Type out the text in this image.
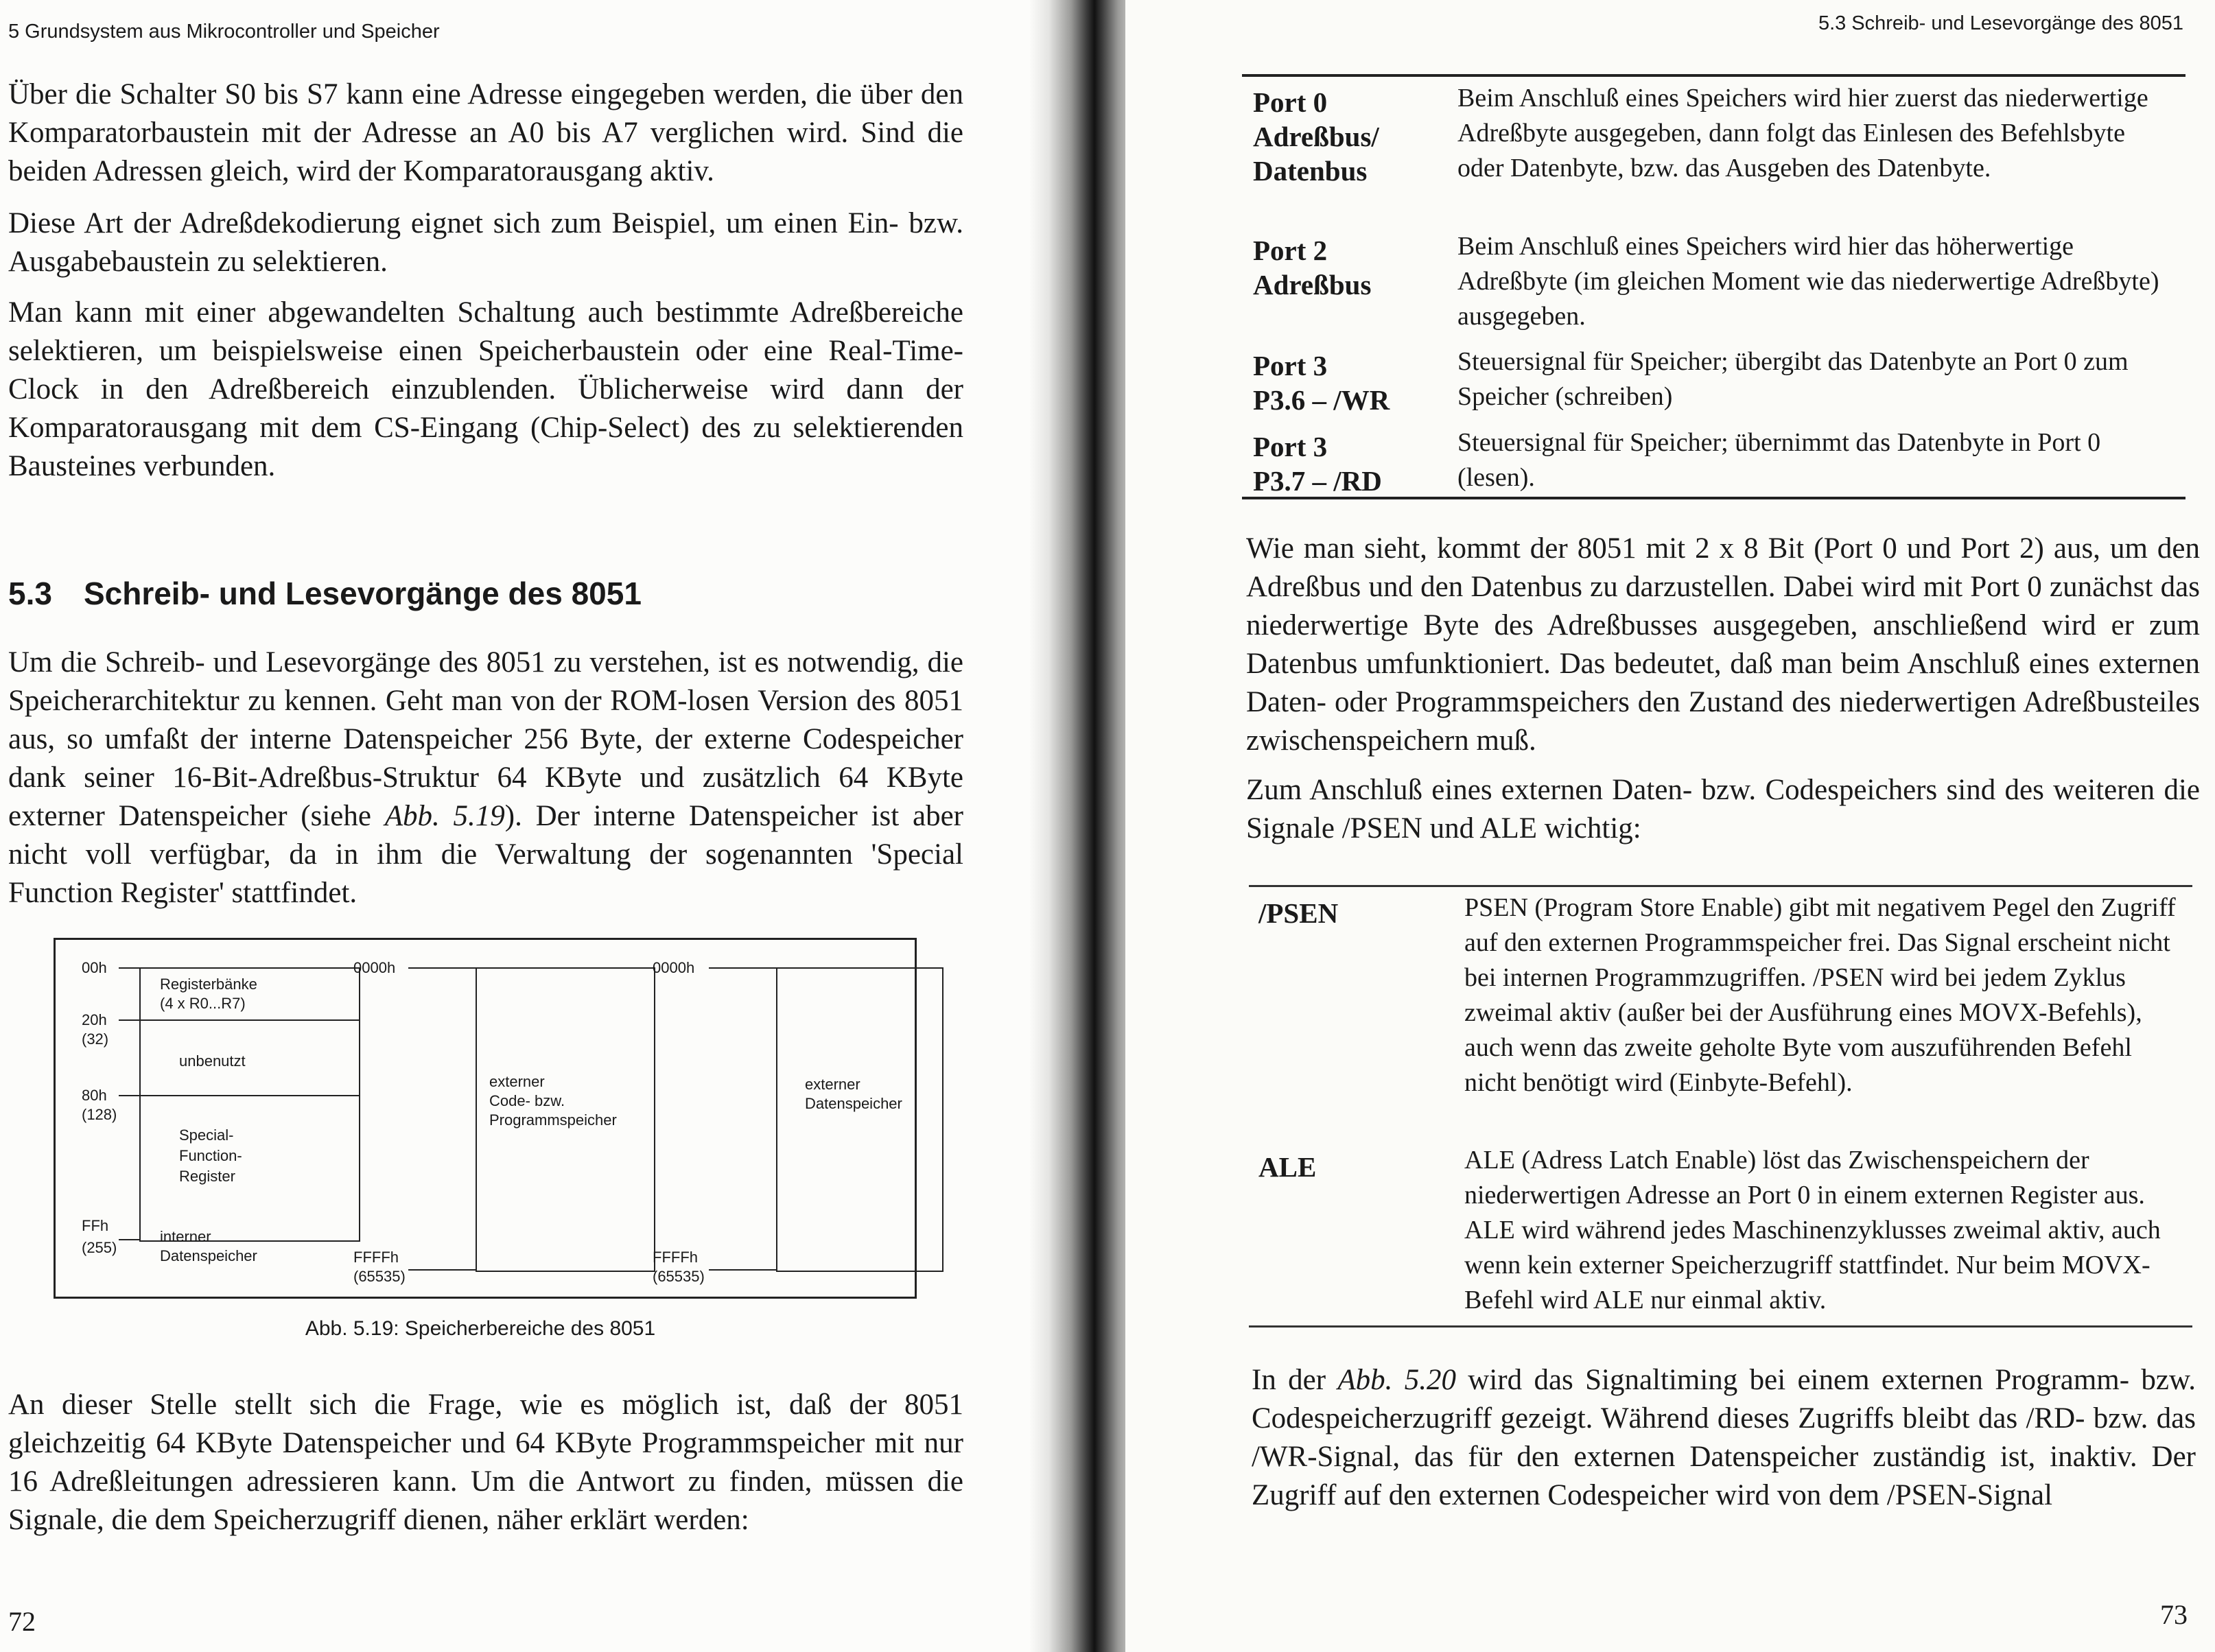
5 Grundsystem aus Mikrocontroller und Speicher

Über die Schalter S0 bis S7 kann eine Adresse eingegeben werden, die über den Komparatorbaustein mit der Adresse an A0 bis A7 verglichen wird. Sind die beiden Adressen gleich, wird der Komparatorausgang aktiv.

Diese Art der Adreßdekodierung eignet sich zum Beispiel, um einen Ein- bzw. Ausgabebaustein zu selektieren.

Man kann mit einer abgewandelten Schaltung auch bestimmte Adreßbereiche selektieren, um beispielsweise einen Speicherbaustein oder eine Real-Time-Clock in den Adreßbereich einzublenden. Üblicherweise wird dann der Komparatorausgang mit dem CS-Eingang (Chip-Select) des zu selektierenden Bausteines verbunden.

5.3 Schreib- und Lesevorgänge des 8051

Um die Schreib- und Lesevorgänge des 8051 zu verstehen, ist es notwendig, die Speicherarchitektur zu kennen. Geht man von der ROM-losen Version des 8051 aus, so umfaßt der interne Datenspeicher 256 Byte, der externe Codespeicher dank seiner 16-Bit-Adreßbus-Struktur 64 KByte und zusätzlich 64 KByte externer Datenspeicher (siehe Abb. 5.19). Der interne Datenspeicher ist aber nicht voll verfügbar, da in ihm die Verwaltung der sogenannten 'Special Function Register' stattfindet.

00h
Registerbänke
(4 x R0...R7)
20h
(32)
unbenutzt
80h
(128)
Special-
Function-
Register
FFh
(255)
interner
Datenspeicher
0000h
externer
Code- bzw.
Programmspeicher
FFFFh
(65535)
0000h
externer
Datenspeicher
FFFFh
(65535)
Abb. 5.19: Speicherbereiche des 8051

An dieser Stelle stellt sich die Frage, wie es möglich ist, daß der 8051 gleichzeitig 64 KByte Datenspeicher und 64 KByte Programmspeicher mit nur 16 Adreßleitungen adressieren kann. Um die Antwort zu finden, müssen die Signale, die dem Speicherzugriff dienen, näher erklärt werden:

72
5.3 Schreib- und Lesevorgänge des 8051
Port 0
Adreßbus/
Datenbus
Beim Anschluß eines Speichers wird hier zuerst das niederwertige Adreßbyte ausgegeben, dann folgt das Einlesen des Befehlsbyte oder Datenbyte, bzw. das Ausgeben des Datenbyte.
Port 2
Adreßbus
Beim Anschluß eines Speichers wird hier das höherwertige Adreßbyte (im gleichen Moment wie das niederwertige Adreßbyte) ausgegeben.
Port 3
P3.6 – /WR
Steuersignal für Speicher; übergibt das Datenbyte an Port 0 zum Speicher (schreiben)
Port 3
P3.7 – /RD
Steuersignal für Speicher; übernimmt das Datenbyte in Port 0 (lesen).

Wie man sieht, kommt der 8051 mit 2 x 8 Bit (Port 0 und Port 2) aus, um den Adreßbus und den Datenbus zu darzustellen. Dabei wird mit Port 0 zunächst das niederwertige Byte des Adreßbusses ausgegeben, anschließend wird er zum Datenbus umfunktioniert. Das bedeutet, daß man beim Anschluß eines externen Daten- oder Programmspeichers den Zustand des niederwertigen Adreßbusteiles zwischenspeichern muß.

Zum Anschluß eines externen Daten- bzw. Codespeichers sind des weiteren die Signale /PSEN und ALE wichtig:

/PSEN	PSEN (Program Store Enable) gibt mit negativem Pegel den Zugriff auf den externen Programmspeicher frei. Das Signal erscheint nicht bei internen Programmzugriffen. /PSEN wird bei jedem Zyklus zweimal aktiv (außer bei der Ausführung eines MOVX-Befehls), auch wenn das zweite geholte Byte vom auszuführenden Befehl nicht benötigt wird (Einbyte-Befehl).
ALE	ALE (Adress Latch Enable) löst das Zwischenspeichern der niederwertigen Adresse an Port 0 in einem externen Register aus. ALE wird während jedes Maschinenzyklusses zweimal aktiv, auch wenn kein externer Speicherzugriff stattfindet. Nur beim MOVX-Befehl wird ALE nur einmal aktiv.

In der Abb. 5.20 wird das Signaltiming bei einem externen Programm- bzw. Codespeicherzugriff gezeigt. Während dieses Zugriffs bleibt das /RD- bzw. das /WR-Signal, das für den externen Datenspeicher zuständig ist, inaktiv. Der Zugriff auf den externen Codespeicher wird von dem /PSEN-Signal

73
